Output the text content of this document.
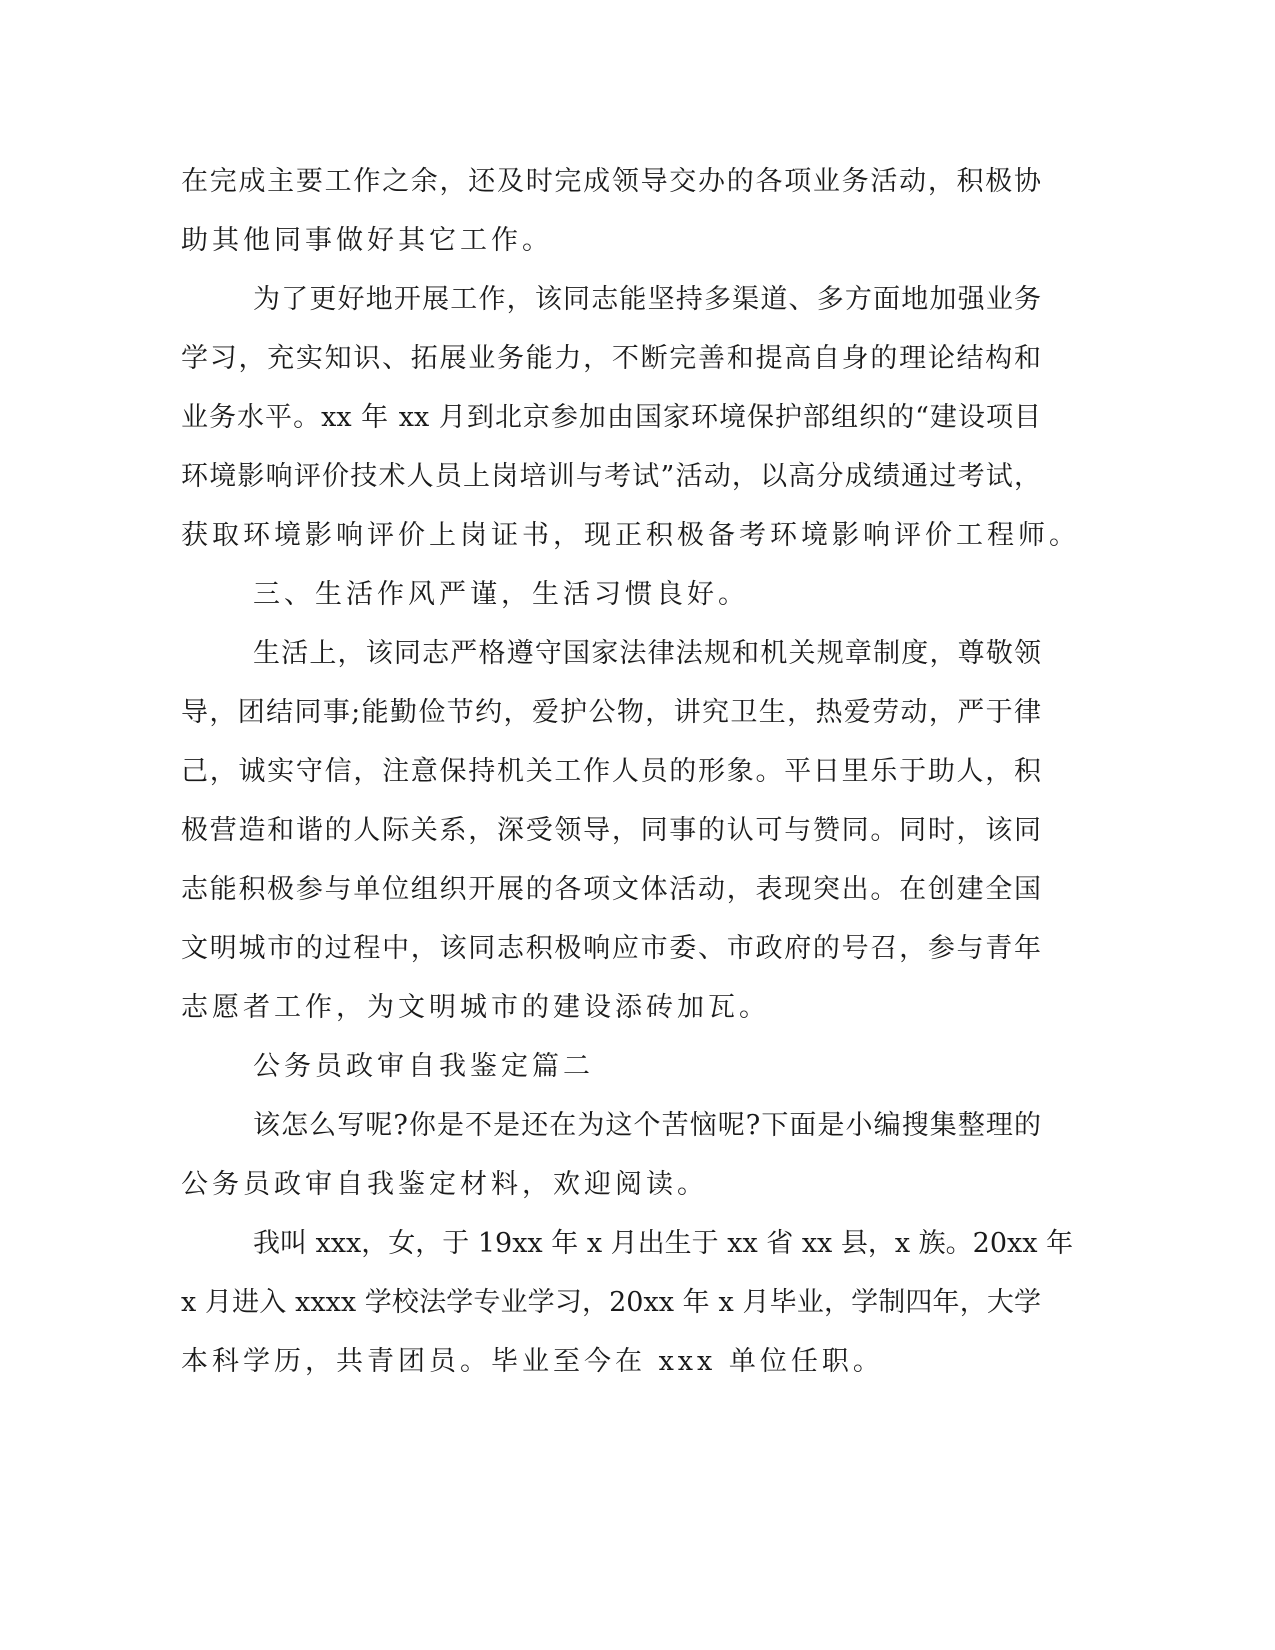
在完成主要工作之余，还及时完成领导交办的各项业务活动，积极协
助其他同事做好其它工作。
为了更好地开展工作，该同志能坚持多渠道、多方面地加强业务
学习，充实知识、拓展业务能力，不断完善和提高自身的理论结构和
业务水平。xx 年 xx 月到北京参加由国家环境保护部组织的“建设项目
环境影响评价技术人员上岗培训与考试”活动，以高分成绩通过考试，
获取环境影响评价上岗证书，现正积极备考环境影响评价工程师。
三、生活作风严谨，生活习惯良好。
生活上，该同志严格遵守国家法律法规和机关规章制度，尊敬领
导，团结同事;能勤俭节约，爱护公物，讲究卫生，热爱劳动，严于律
己，诚实守信，注意保持机关工作人员的形象。平日里乐于助人，积
极营造和谐的人际关系，深受领导，同事的认可与赞同。同时，该同
志能积极参与单位组织开展的各项文体活动，表现突出。在创建全国
文明城市的过程中，该同志积极响应市委、市政府的号召，参与青年
志愿者工作，为文明城市的建设添砖加瓦。
公务员政审自我鉴定篇二
该怎么写呢?你是不是还在为这个苦恼呢?下面是小编搜集整理的
公务员政审自我鉴定材料，欢迎阅读。
我叫 xxx，女，于 19xx 年 x 月出生于 xx 省 xx 县，x 族。20xx 年
x 月进入 xxxx 学校法学专业学习，20xx 年 x 月毕业，学制四年，大学
本科学历，共青团员。毕业至今在 xxx 单位任职。
